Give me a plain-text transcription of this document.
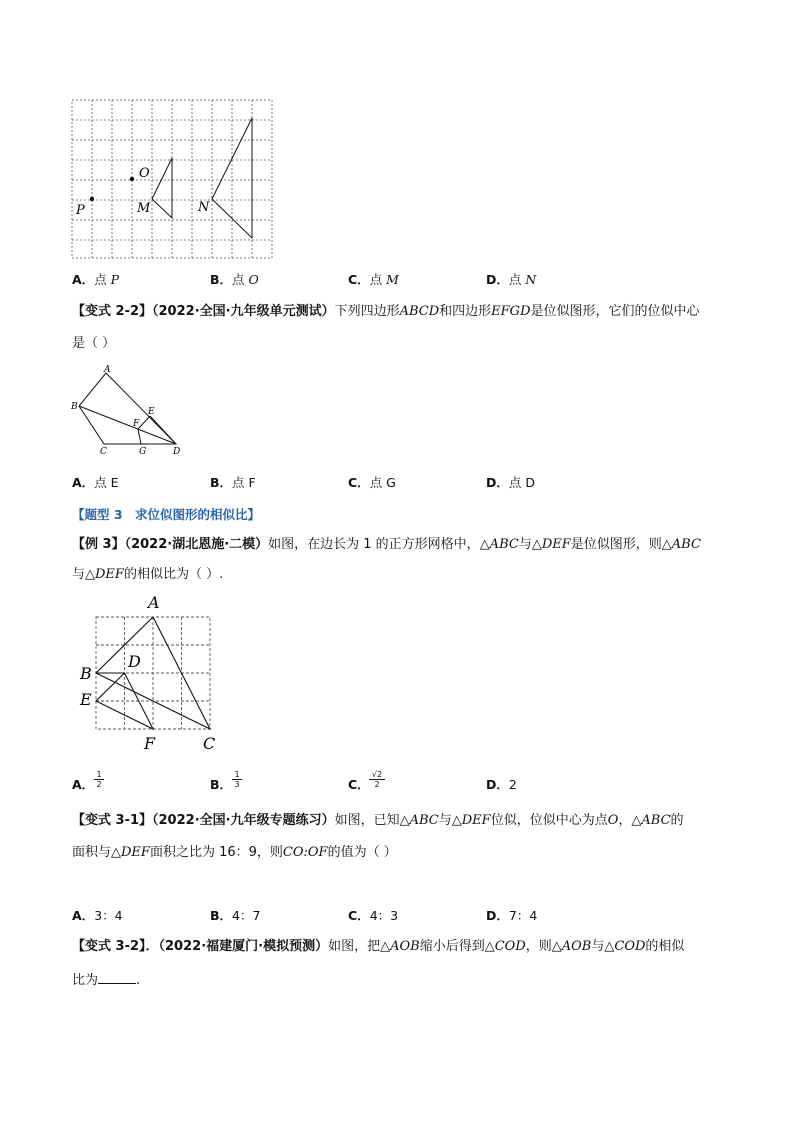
O
P	M	N
A．点 P	B．点 O	C．点 M	D．点 N
【变式 2-2】（2022·全国·九年级单元测试）下列四边形ABCD和四边形EFGD是位似图形，它们的位似中心
是（ ）
A
B
C	D
E
F
G
A．点 E	B．点 F	C．点 G	D．点 D
【题型 3　求位似图形的相似比】
【例 3】（2022·湖北恩施·二模）如图，在边长为 1 的正方形网格中，△ABC与△DEF是位似图形，则△ABC
与△DEF的相似比为（ ）.
A
B
D
E
F	C
A．
1
2	B．
1
3	C．
√2
2	D．2
【变式 3-1】（2022·全国·九年级专题练习）如图，已知△ABC与△DEF位似，位似中心为点O，△ABC的
面积与△DEF面积之比为 16：9，则CO:OF的值为（ ）
A．3：4	B．4：7	C．4：3	D．7：4
【变式 3-2】．（2022·福建厦门·模拟预测）如图，把△AOB缩小后得到△COD，则△AOB与△COD的相似
比为	.
